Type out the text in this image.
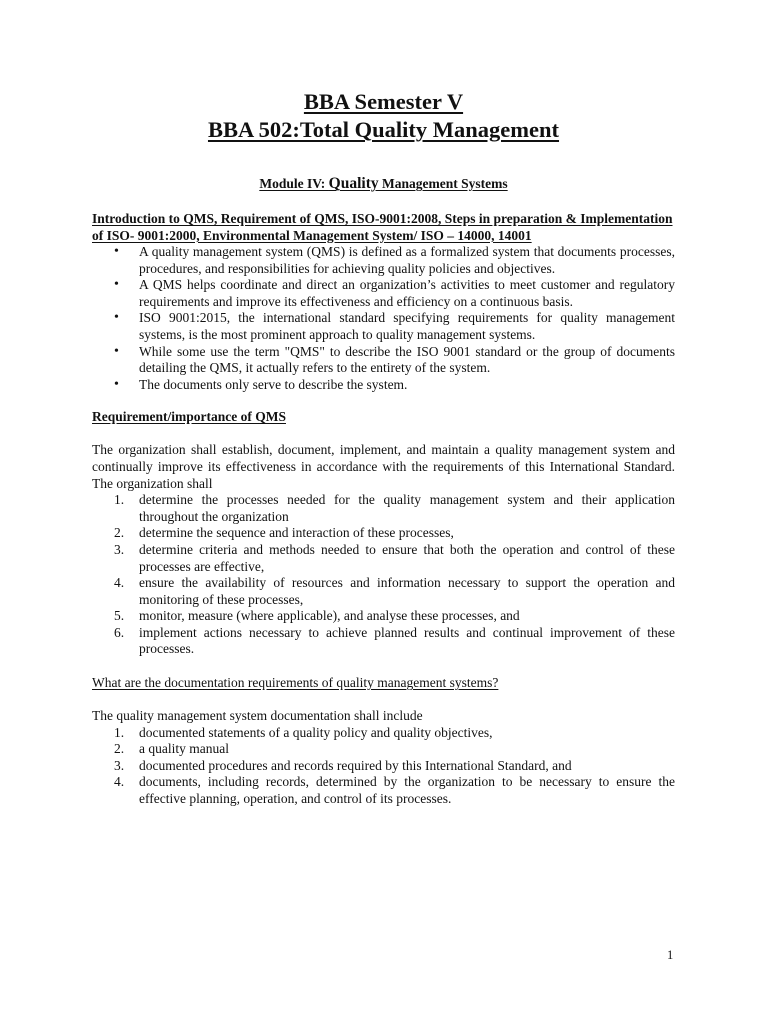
BBA Semester V
BBA 502:Total Quality Management
Module IV: Quality Management Systems
Introduction to QMS, Requirement of QMS, ISO-9001:2008, Steps in preparation & Implementation of ISO- 9001:2000, Environmental Management System/ ISO – 14000, 14001
• A quality management system (QMS) is defined as a formalized system that documents processes, procedures, and responsibilities for achieving quality policies and objectives.
• A QMS helps coordinate and direct an organization’s activities to meet customer and regulatory requirements and improve its effectiveness and efficiency on a continuous basis.
• ISO 9001:2015, the international standard specifying requirements for quality management systems, is the most prominent approach to quality management systems.
• While some use the term "QMS" to describe the ISO 9001 standard or the group of documents detailing the QMS, it actually refers to the entirety of the system.
• The documents only serve to describe the system.
Requirement/importance of QMS

The organization shall establish, document, implement, and maintain a quality management system and continually improve its effectiveness in accordance with the requirements of this International Standard. The organization shall

1. determine the processes needed for the quality management system and their application throughout the organization
2. determine the sequence and interaction of these processes,
3. determine criteria and methods needed to ensure that both the operation and control of these processes are effective,
4. ensure the availability of resources and information necessary to support the operation and monitoring of these processes,
5. monitor, measure (where applicable), and analyse these processes, and
6. implement actions necessary to achieve planned results and continual improvement of these processes.
What are the documentation requirements of quality management systems?

The quality management system documentation shall include

1. documented statements of a quality policy and quality objectives,
2. a quality manual
3. documented procedures and records required by this International Standard, and
4. documents, including records, determined by the organization to be necessary to ensure the effective planning, operation, and control of its processes.
1
